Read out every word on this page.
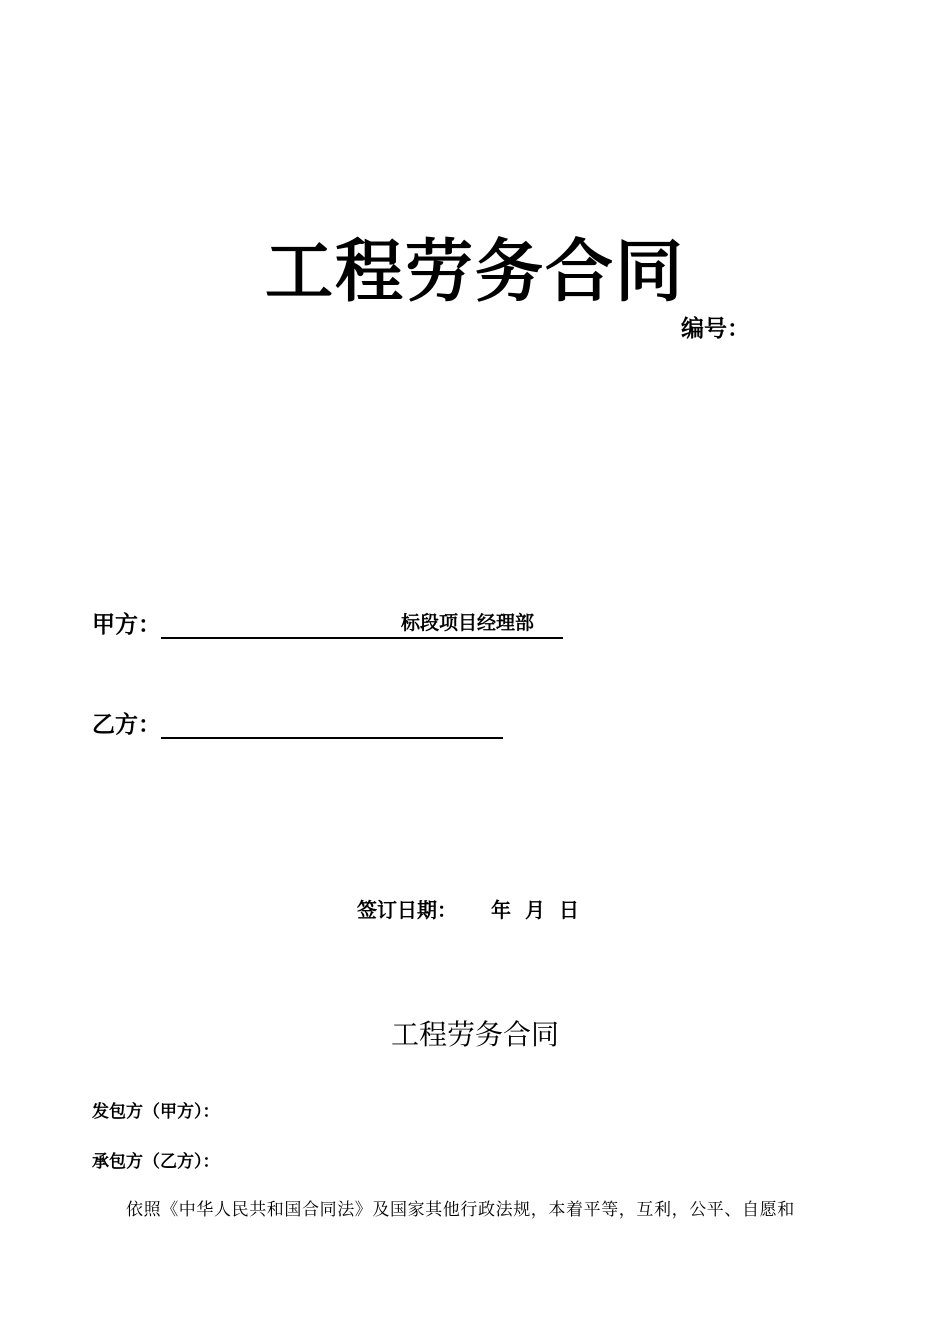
工程劳务合同
编号：
甲方：	标段项目经理部
乙方：
签订日期： 年 月 日
工程劳务合同
发包方（甲方）：
承包方（乙方）：
依照《中华人民共和国合同法》及国家其他行政法规，本着平等，互利，公平、自愿和
